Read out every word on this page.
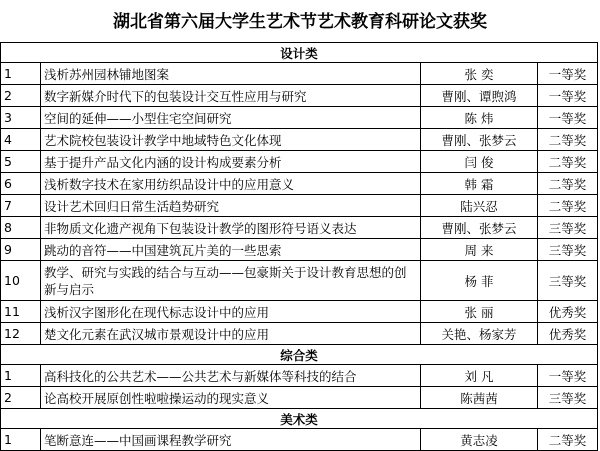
湖北省第六届大学生艺术节艺术教育科研论文获奖
设计类			
1	浅析苏州园林铺地图案	张 奕	一等奖
2	数字新媒介时代下的包装设计交互性应用与研究	曹刚、谭煦鸿	一等奖
3	空间的延伸——小型住宅空间研究	陈 炜	一等奖
4	艺术院校包装设计教学中地域特色文化体现	曹刚、张梦云	二等奖
5	基于提升产品文化内涵的设计构成要素分析	闫 俊	二等奖
6	浅析数字技术在家用纺织品设计中的应用意义	韩 霜	二等奖
7	设计艺术回归日常生活趋势研究	陆兴忍	二等奖
8	非物质文化遗产视角下包装设计教学的图形符号语义表达	曹刚、张梦云	三等奖
9	跳动的音符——中国建筑瓦片美的一些思索	周 来	三等奖
10	教学、研究与实践的结合与互动——包豪斯关于设计教育思想的创新与启示	杨 菲	三等奖
11	浅析汉字图形化在现代标志设计中的应用	张 丽	优秀奖
12	楚文化元素在武汉城市景观设计中的应用	关艳、杨家芳	优秀奖
综合类			
1	高科技化的公共艺术——公共艺术与新媒体等科技的结合	刘 凡	一等奖
2	论高校开展原创性啦啦操运动的现实意义	陈茜茜	三等奖
美术类			
1	笔断意连——中国画课程教学研究	黄志凌	二等奖
